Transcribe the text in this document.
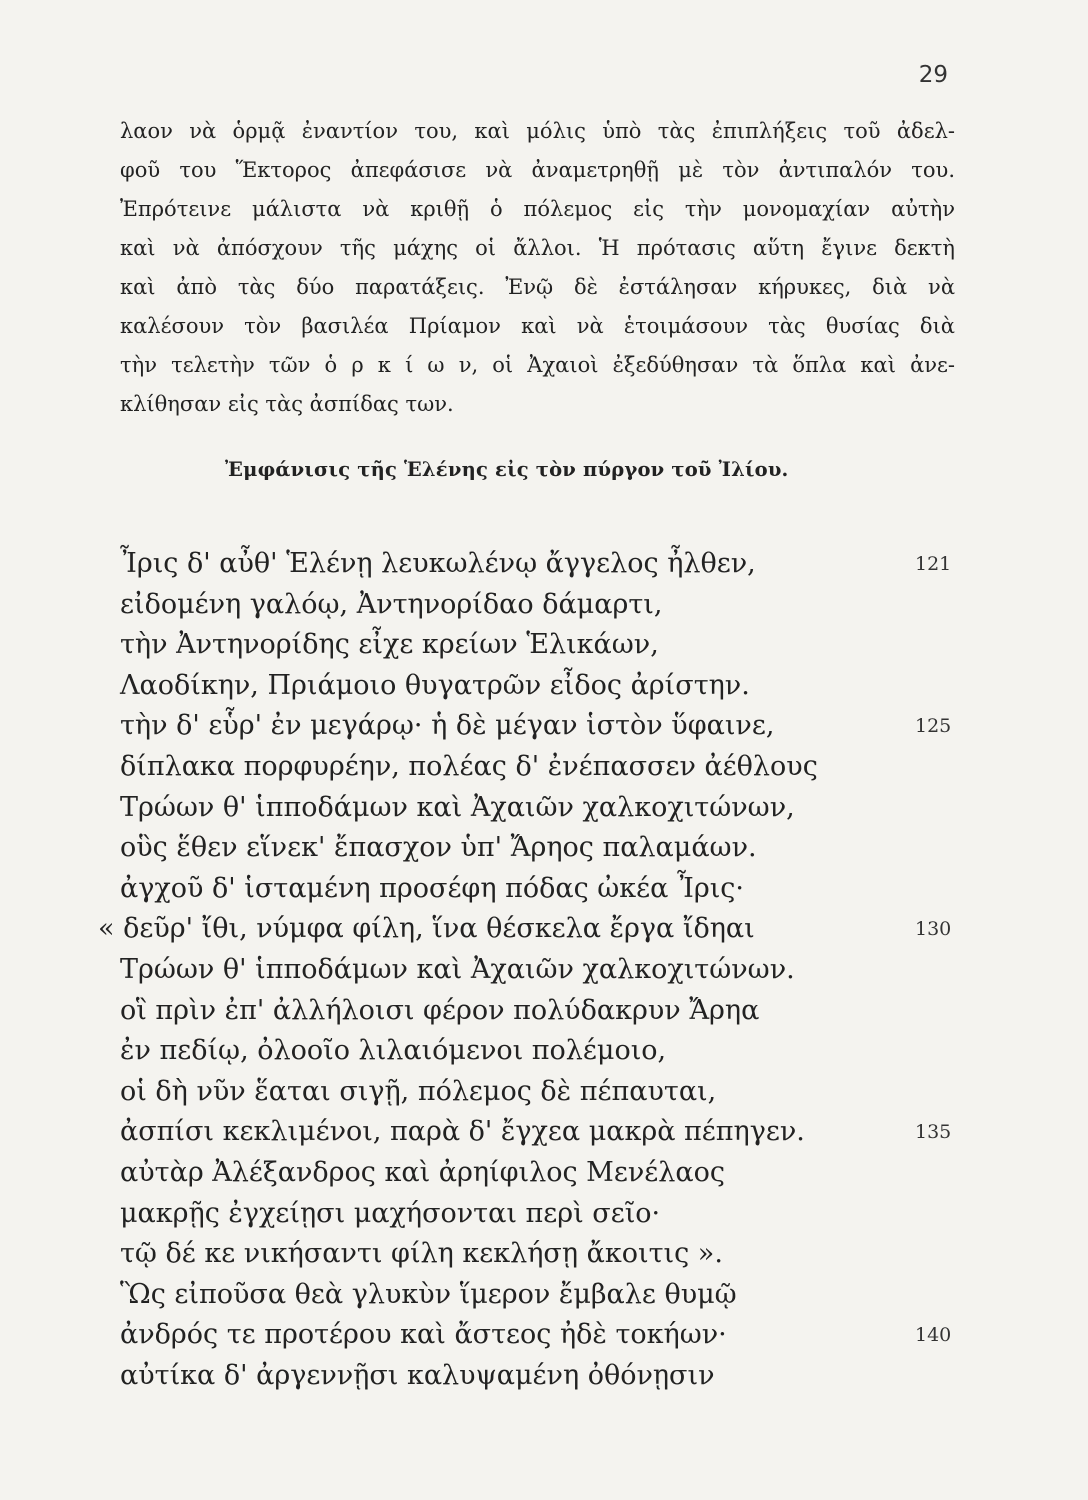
29

λαον νὰ ὁρμᾷ ἐναντίον του, καὶ μόλις ὑπὸ τὰς ἐπιπλήξεις τοῦ ἀδελ-
φοῦ του Ἕκτορος ἀπεφάσισε νὰ ἀναμετρηθῇ μὲ τὸν ἀντιπαλόν του.
Ἐπρότεινε μάλιστα νὰ κριθῇ ὁ πόλεμος εἰς τὴν μονομαχίαν αὐτὴν
καὶ νὰ ἀπόσχουν τῆς μάχης οἱ ἄλλοι. Ἡ πρότασις αὕτη ἔγινε δεκτὴ
καὶ ἀπὸ τὰς δύο παρατάξεις. Ἐνῷ δὲ ἐστάλησαν κήρυκες, διὰ νὰ
καλέσουν τὸν βασιλέα Πρίαμον καὶ νὰ ἑτοιμάσουν τὰς θυσίας διὰ
τὴν τελετὴν τῶν ὁ ρ κ ί ω ν, οἱ Ἀχαιοὶ ἐξεδύθησαν τὰ ὅπλα καὶ ἀνε-
κλίθησαν εἰς τὰς ἀσπίδας των.

Ἐμφάνισις τῆς Ἑλένης εἰς τὸν πύργον τοῦ Ἰλίου.
Ἶρις δ' αὖθ' Ἑλένῃ λευκωλένῳ ἄγγελος ἦλθεν,	121
εἰδομένη γαλόῳ, Ἀντηνορίδαο δάμαρτι,
τὴν Ἀντηνορίδης εἶχε κρείων Ἑλικάων,
Λαοδίκην, Πριάμοιο θυγατρῶν εἶδος ἀρίστην.
τὴν δ' εὗρ' ἐν μεγάρῳ· ἡ δὲ μέγαν ἱστὸν ὕφαινε,	125
δίπλακα πορφυρέην, πολέας δ' ἐνέπασσεν ἀέθλους
Τρώων θ' ἱπποδάμων καὶ Ἀχαιῶν χαλκοχιτώνων,
οὓς ἕθεν εἵνεκ' ἔπασχον ὑπ' Ἄρηος παλαμάων.
ἀγχοῦ δ' ἱσταμένη προσέφη πόδας ὠκέα Ἶρις·
« δεῦρ' ἴθι, νύμφα φίλη, ἵνα θέσκελα ἔργα ἴδηαι	130
Τρώων θ' ἱπποδάμων καὶ Ἀχαιῶν χαλκοχιτώνων.
οἳ πρὶν ἐπ' ἀλλήλοισι φέρον πολύδακρυν Ἄρηα
ἐν πεδίῳ, ὀλοοῖο λιλαιόμενοι πολέμοιο,
οἱ δὴ νῦν ἕαται σιγῇ, πόλεμος δὲ πέπαυται,
ἀσπίσι κεκλιμένοι, παρὰ δ' ἔγχεα μακρὰ πέπηγεν.	135
αὐτὰρ Ἀλέξανδρος καὶ ἀρηίφιλος Μενέλαος
μακρῇς ἐγχείῃσι μαχήσονται περὶ σεῖο·
τῷ δέ κε νικήσαντι φίλη κεκλήσῃ ἄκοιτις ».
Ὣς εἰποῦσα θεὰ γλυκὺν ἵμερον ἔμβαλε θυμῷ
ἀνδρός τε προτέρου καὶ ἄστεος ἠδὲ τοκήων·	140
αὐτίκα δ' ἀργεννῇσι καλυψαμένη ὀθόνῃσιν
